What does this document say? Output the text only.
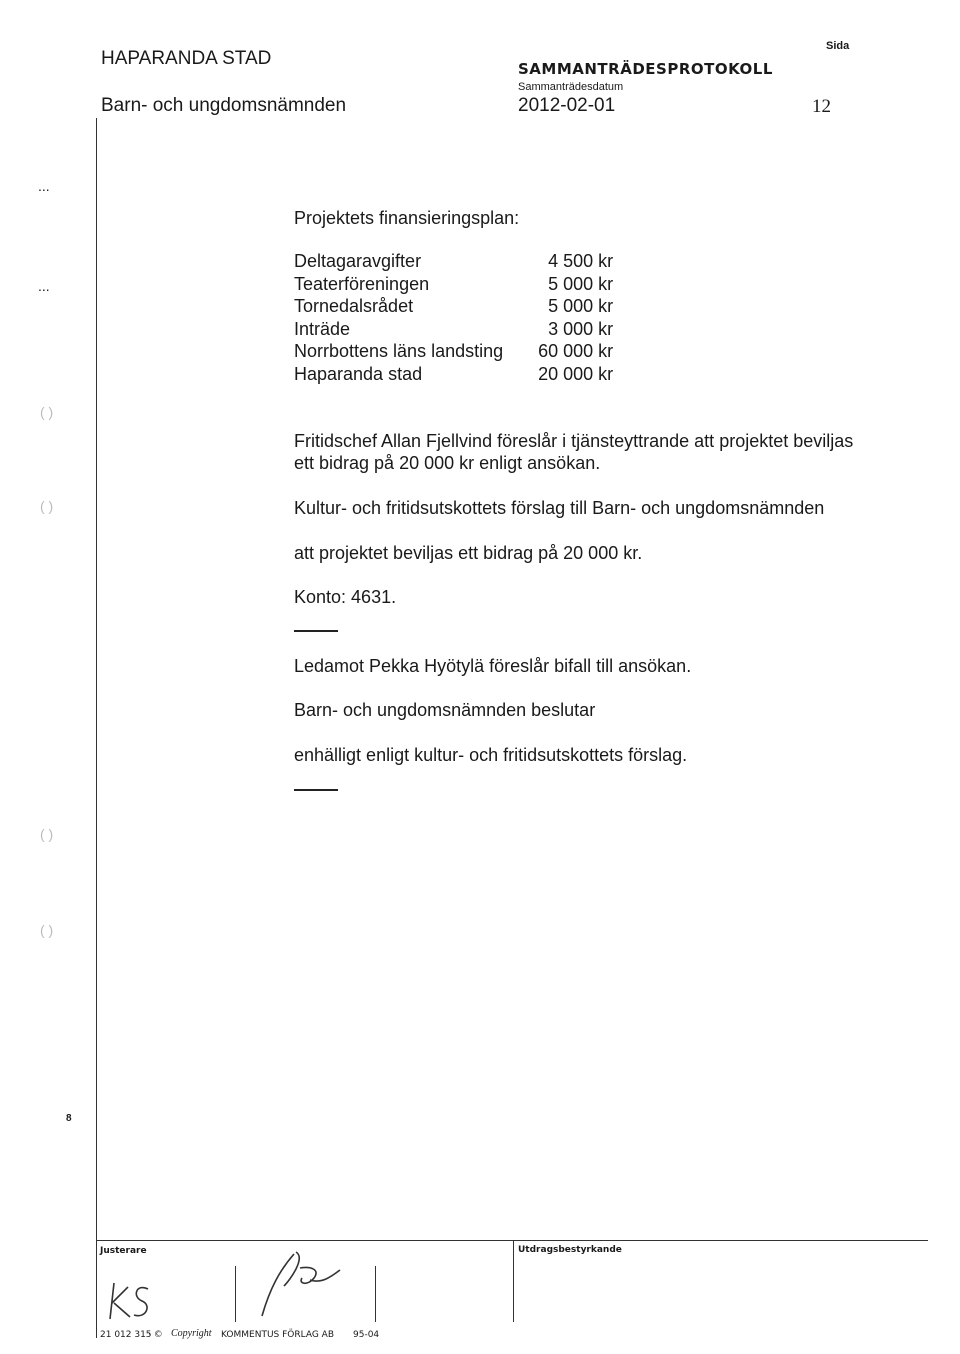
HAPARANDA STAD
Barn- och ungdomsnämnden
SAMMANTRÄDESPROTOKOLL
Sammanträdesdatum
2012-02-01
Sida
12
...
...
( )
( )
( )
( )
8
Projektets finansieringsplan:
Deltagaravgifter	4 500 kr
Teaterföreningen	5 000 kr
Tornedalsrådet	5 000 kr
Inträde	3 000 kr
Norrbottens läns landsting	60 000 kr
Haparanda stad	20 000 kr
Fritidschef Allan Fjellvind föreslår i tjänsteyttrande att projektet beviljas
ett bidrag på 20 000 kr enligt ansökan.
Kultur- och fritidsutskottets förslag till Barn- och ungdomsnämnden
att projektet beviljas ett bidrag på 20 000 kr.
Konto: 4631.
Ledamot Pekka Hyötylä föreslår bifall till ansökan.
Barn- och ungdomsnämnden beslutar
enhälligt enligt kultur- och fritidsutskottets förslag.
Justerare	Utdragsbestyrkande
21 012 315
· © Copyright KOMMENTUS FÖRLAG AB 95-04
